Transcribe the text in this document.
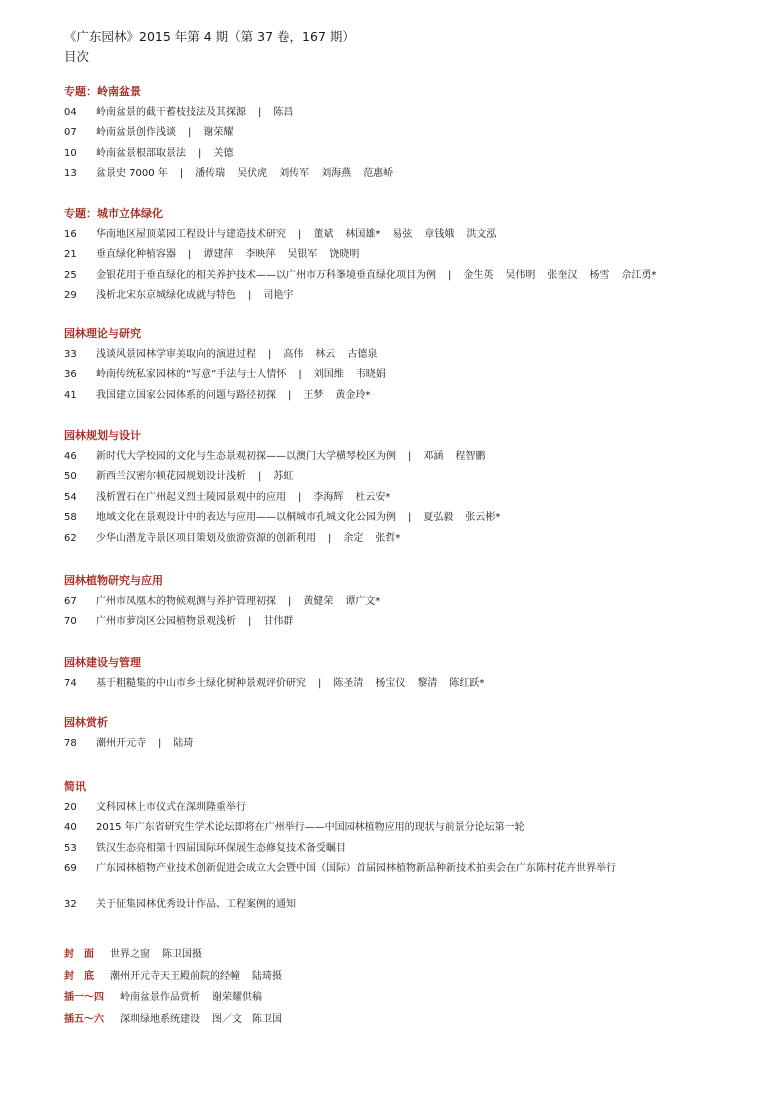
《广东园林》2015 年第 4 期（第 37 卷，167 期）
目次
专题：岭南盆景
04	岭南盆景的截干蓄枝技法及其探源 | 陈昌
07	岭南盆景创作浅谈 | 谢荣耀
10	岭南盆景根部取景法 | 关德
13	盆景史 7000 年 | 潘传瑞 吴伏虎 刘传军 刘海燕 范惠峤
专题：城市立体绿化
16	华南地区屋顶菜园工程设计与建造技术研究 | 董斌 林国雄* 易弦 章钱娥 洪文泓
21	垂直绿化种植容器 | 谭建萍 李映萍 吴银军 饶晓明
25	金银花用于垂直绿化的相关养护技术——以广州市万科峯境垂直绿化项目为例 | 金生英 吴伟明 张奎汉 杨雪 佘江勇*
29	浅析北宋东京城绿化成就与特色 | 司艳宇
园林理论与研究
33	浅谈风景园林学审美取向的演进过程 | 高伟 林云 古德泉
36	岭南传统私家园林的“写意”手法与士人情怀 | 刘国维 韦晓娟
41	我国建立国家公园体系的问题与路径初探 | 王梦 黄金玲*
园林规划与设计
46	新时代大学校园的文化与生态景观初探——以澳门大学横琴校区为例 | 邓涵 程智鹏
50	新西兰汉密尔顿花园规划设计浅析 | 苏虹
54	浅析置石在广州起义烈士陵园景观中的应用 | 李海辉 杜云安*
58	地域文化在景观设计中的表达与应用——以桐城市孔城文化公园为例 | 夏弘毅 张云彬*
62	少华山潜龙寺景区项目策划及旅游资源的创新利用 | 余定 张哲*
园林植物研究与应用
67	广州市凤凰木的物候观测与养护管理初探 | 黄健荣 谭广文*
70	广州市萝岗区公园植物景观浅析 | 甘伟群
园林建设与管理
74	基于粗糙集的中山市乡土绿化树种景观评价研究 | 陈圣清 杨宝仪 黎清 陈红跃*
园林赏析
78	潮州开元寺 | 陆琦
简讯
20	文科园林上市仪式在深圳隆重举行
40	2015 年广东省研究生学术论坛即将在广州举行——中国园林植物应用的现状与前景分论坛第一轮
53	铁汉生态亮相第十四届国际环保展生态修复技术备受瞩目
69	广东园林植物产业技术创新促进会成立大会暨中国（国际）首届园林植物新品种新技术拍卖会在广东陈村花卉世界举行
32	关于征集园林优秀设计作品、工程案例的通知
封　面 世界之窗 陈卫国摄
封　底 潮州开元寺天王殿前院的经幢 陆琦摄
插一～四 岭南盆景作品赏析 谢荣耀供稿
插五～六 深圳绿地系统建设 图／文　陈卫国
